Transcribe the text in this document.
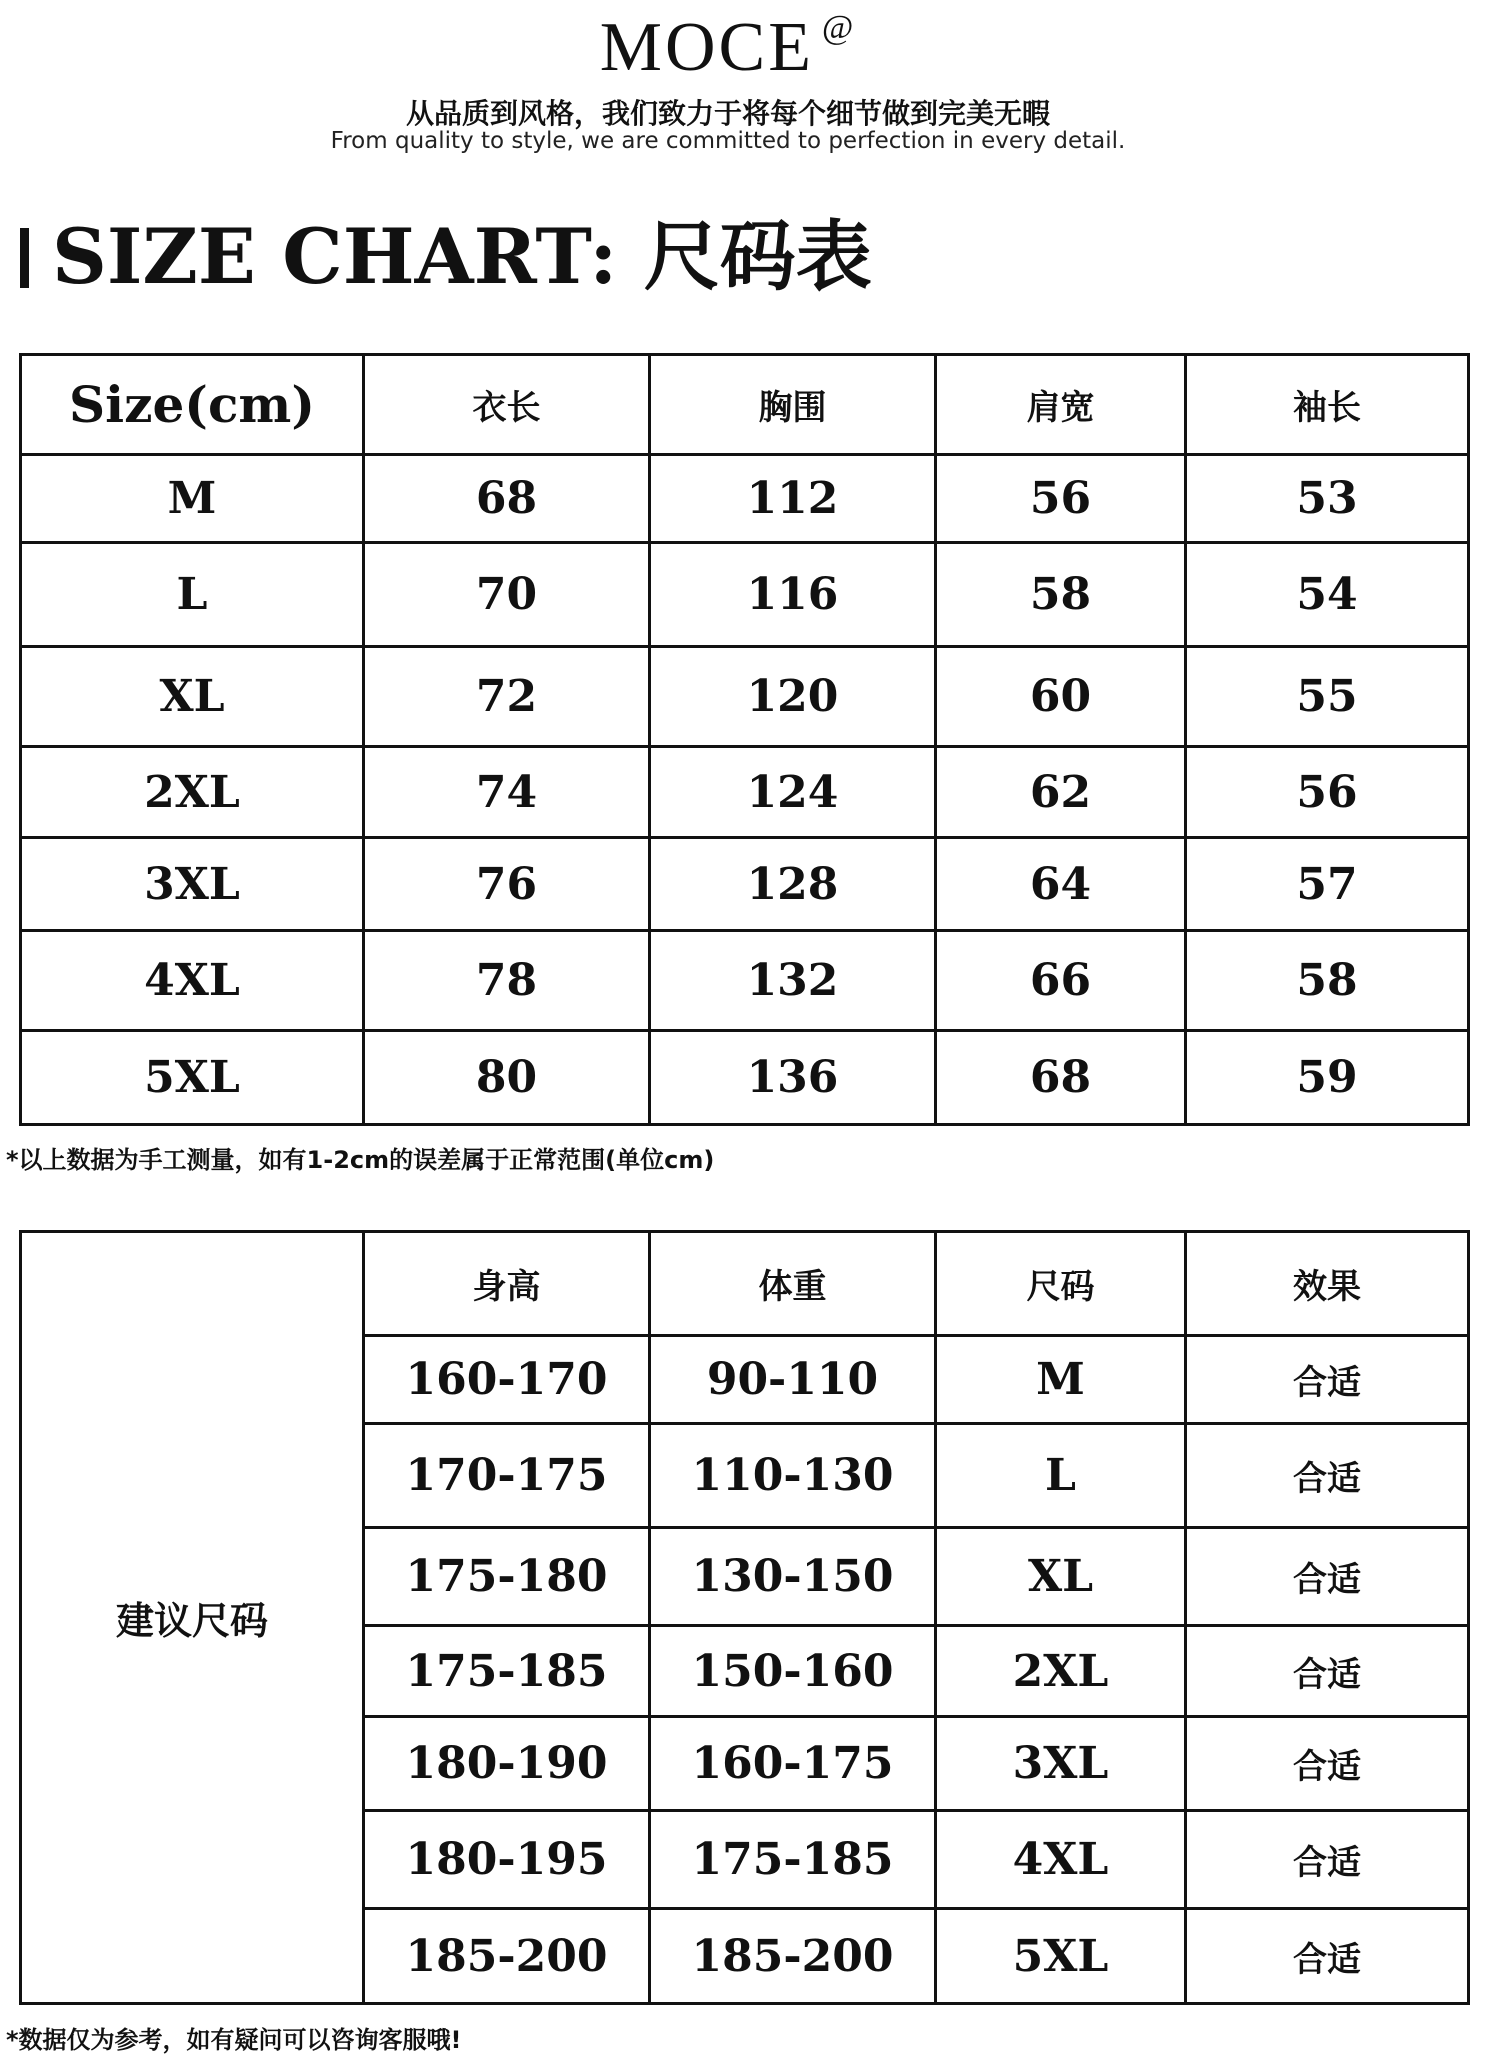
MOCE @
从品质到风格，我们致力于将每个细节做到完美无暇
From quality to style, we are committed to perfection in every detail.
SIZE CHART: 尺码表
Size(cm)	衣长	胸围	肩宽	袖长
M	68	112	56	53
L	70	116	58	54
XL	72	120	60	55
2XL	74	124	62	56
3XL	76	128	64	57
4XL	78	132	66	58
5XL	80	136	68	59
*以上数据为手工测量，如有1-2cm的误差属于正常范围(单位cm)
建议尺码	身高	体重	尺码	效果
	160-170	90-110	M	合适
	170-175	110-130	L	合适
	175-180	130-150	XL	合适
	175-185	150-160	2XL	合适
	180-190	160-175	3XL	合适
	180-195	175-185	4XL	合适
	185-200	185-200	5XL	合适
*数据仅为参考，如有疑问可以咨询客服哦!
